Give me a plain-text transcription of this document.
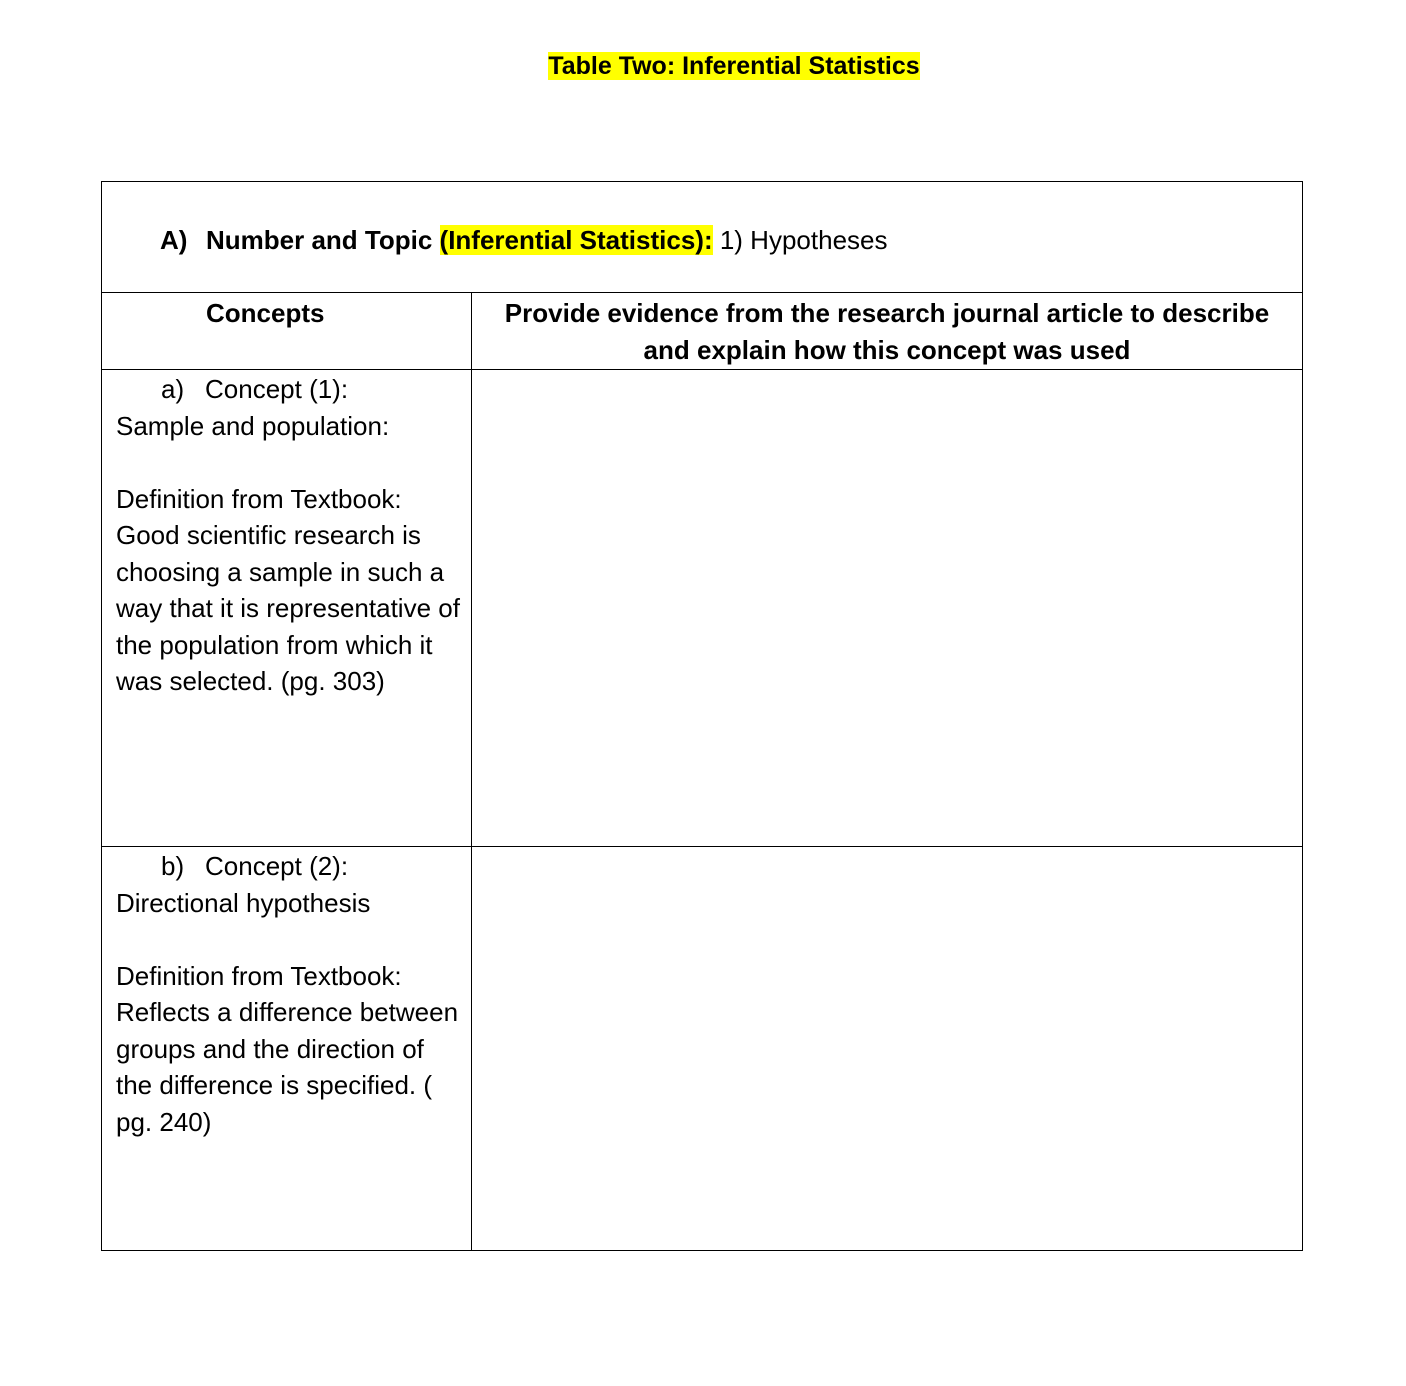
Table Two: Inferential Statistics
A) Number and Topic (Inferential Statistics): 1) Hypotheses	

Concepts	Provide evidence from the research journal article to describe and explain how this concept was used

a) Concept (1):
Sample and population:
Definition from Textbook:
Good scientific research is choosing a sample in such a way that it is representative of the population from which it was selected. (pg. 303)	

b) Concept (2):
Directional hypothesis
Definition from Textbook:
Reflects a difference between groups and the direction of the difference is specified. ( pg. 240)	
